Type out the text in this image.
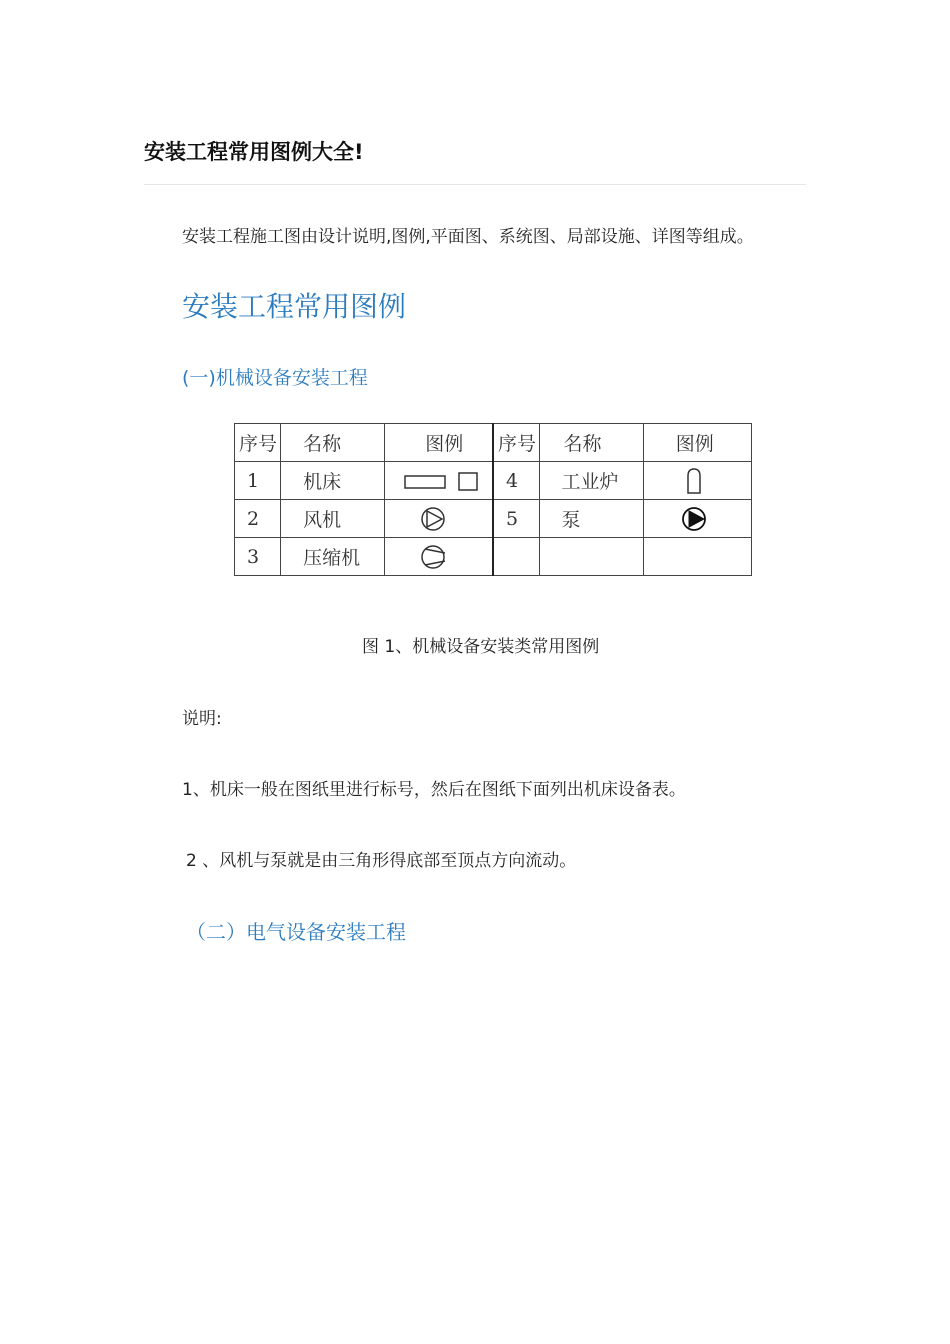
安装工程常用图例大全!
安装工程施工图由设计说明,图例,平面图、系统图、局部设施、详图等组成。
安装工程常用图例
(一)机械设备安装工程
序号	名称	图例	序号	名称	图例
1	机床		4	工业炉	

2	风机		5	泵	

3	压缩机	

图 1、机械设备安装类常用图例
说明:
1、机床一般在图纸里进行标号，然后在图纸下面列出机床设备表。
2 、风机与泵就是由三角形得底部至顶点方向流动。
（二）电气设备安装工程
